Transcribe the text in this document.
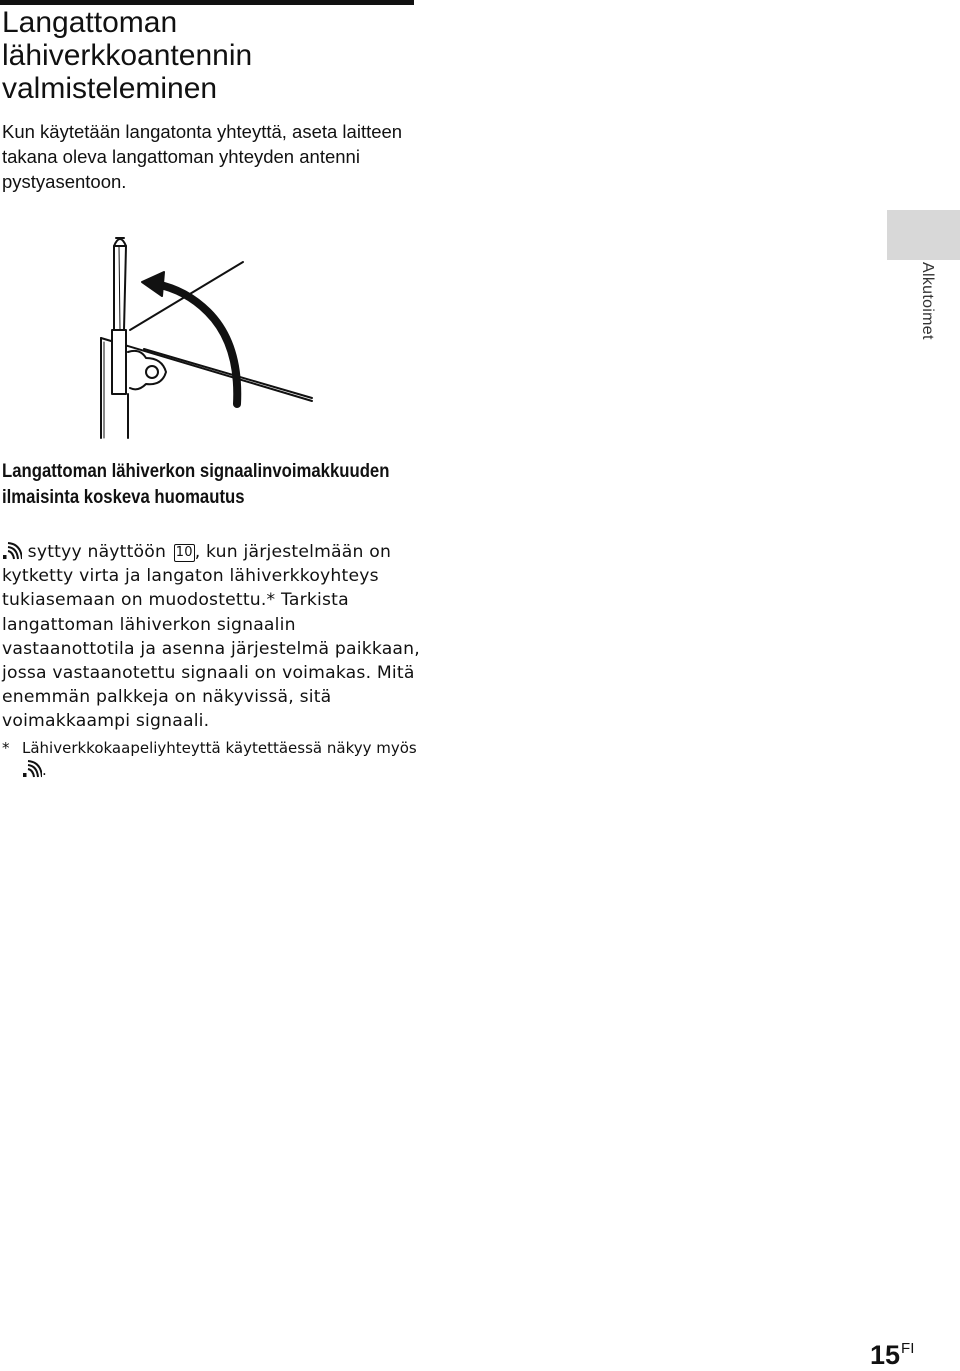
Langattoman lähiverkkoantennin valmisteleminen

Kun käytetään langatonta yhteyttä, aseta laitteen takana oleva langattoman yhteyden antenni pystyasentoon.

Alkutoimet
Langattoman lähiverkon signaalinvoimakkuuden ilmaisinta koskeva huomautus

syttyy näyttöön 10 , kun järjestelmään on kytketty virta ja langaton lähiverkkoyhteys tukiasemaan on muodostettu.* Tarkista langattoman lähiverkon signaalin vastaanottotila ja asenna järjestelmä paikkaan, jossa vastaanotettu signaali on voimakas. Mitä enemmän palkkeja on näkyvissä, sitä voimakkaampi signaali.

* Lähiverkkokaapeliyhteyttä käytettäessä näkyy myös .

$15^{FI}$
